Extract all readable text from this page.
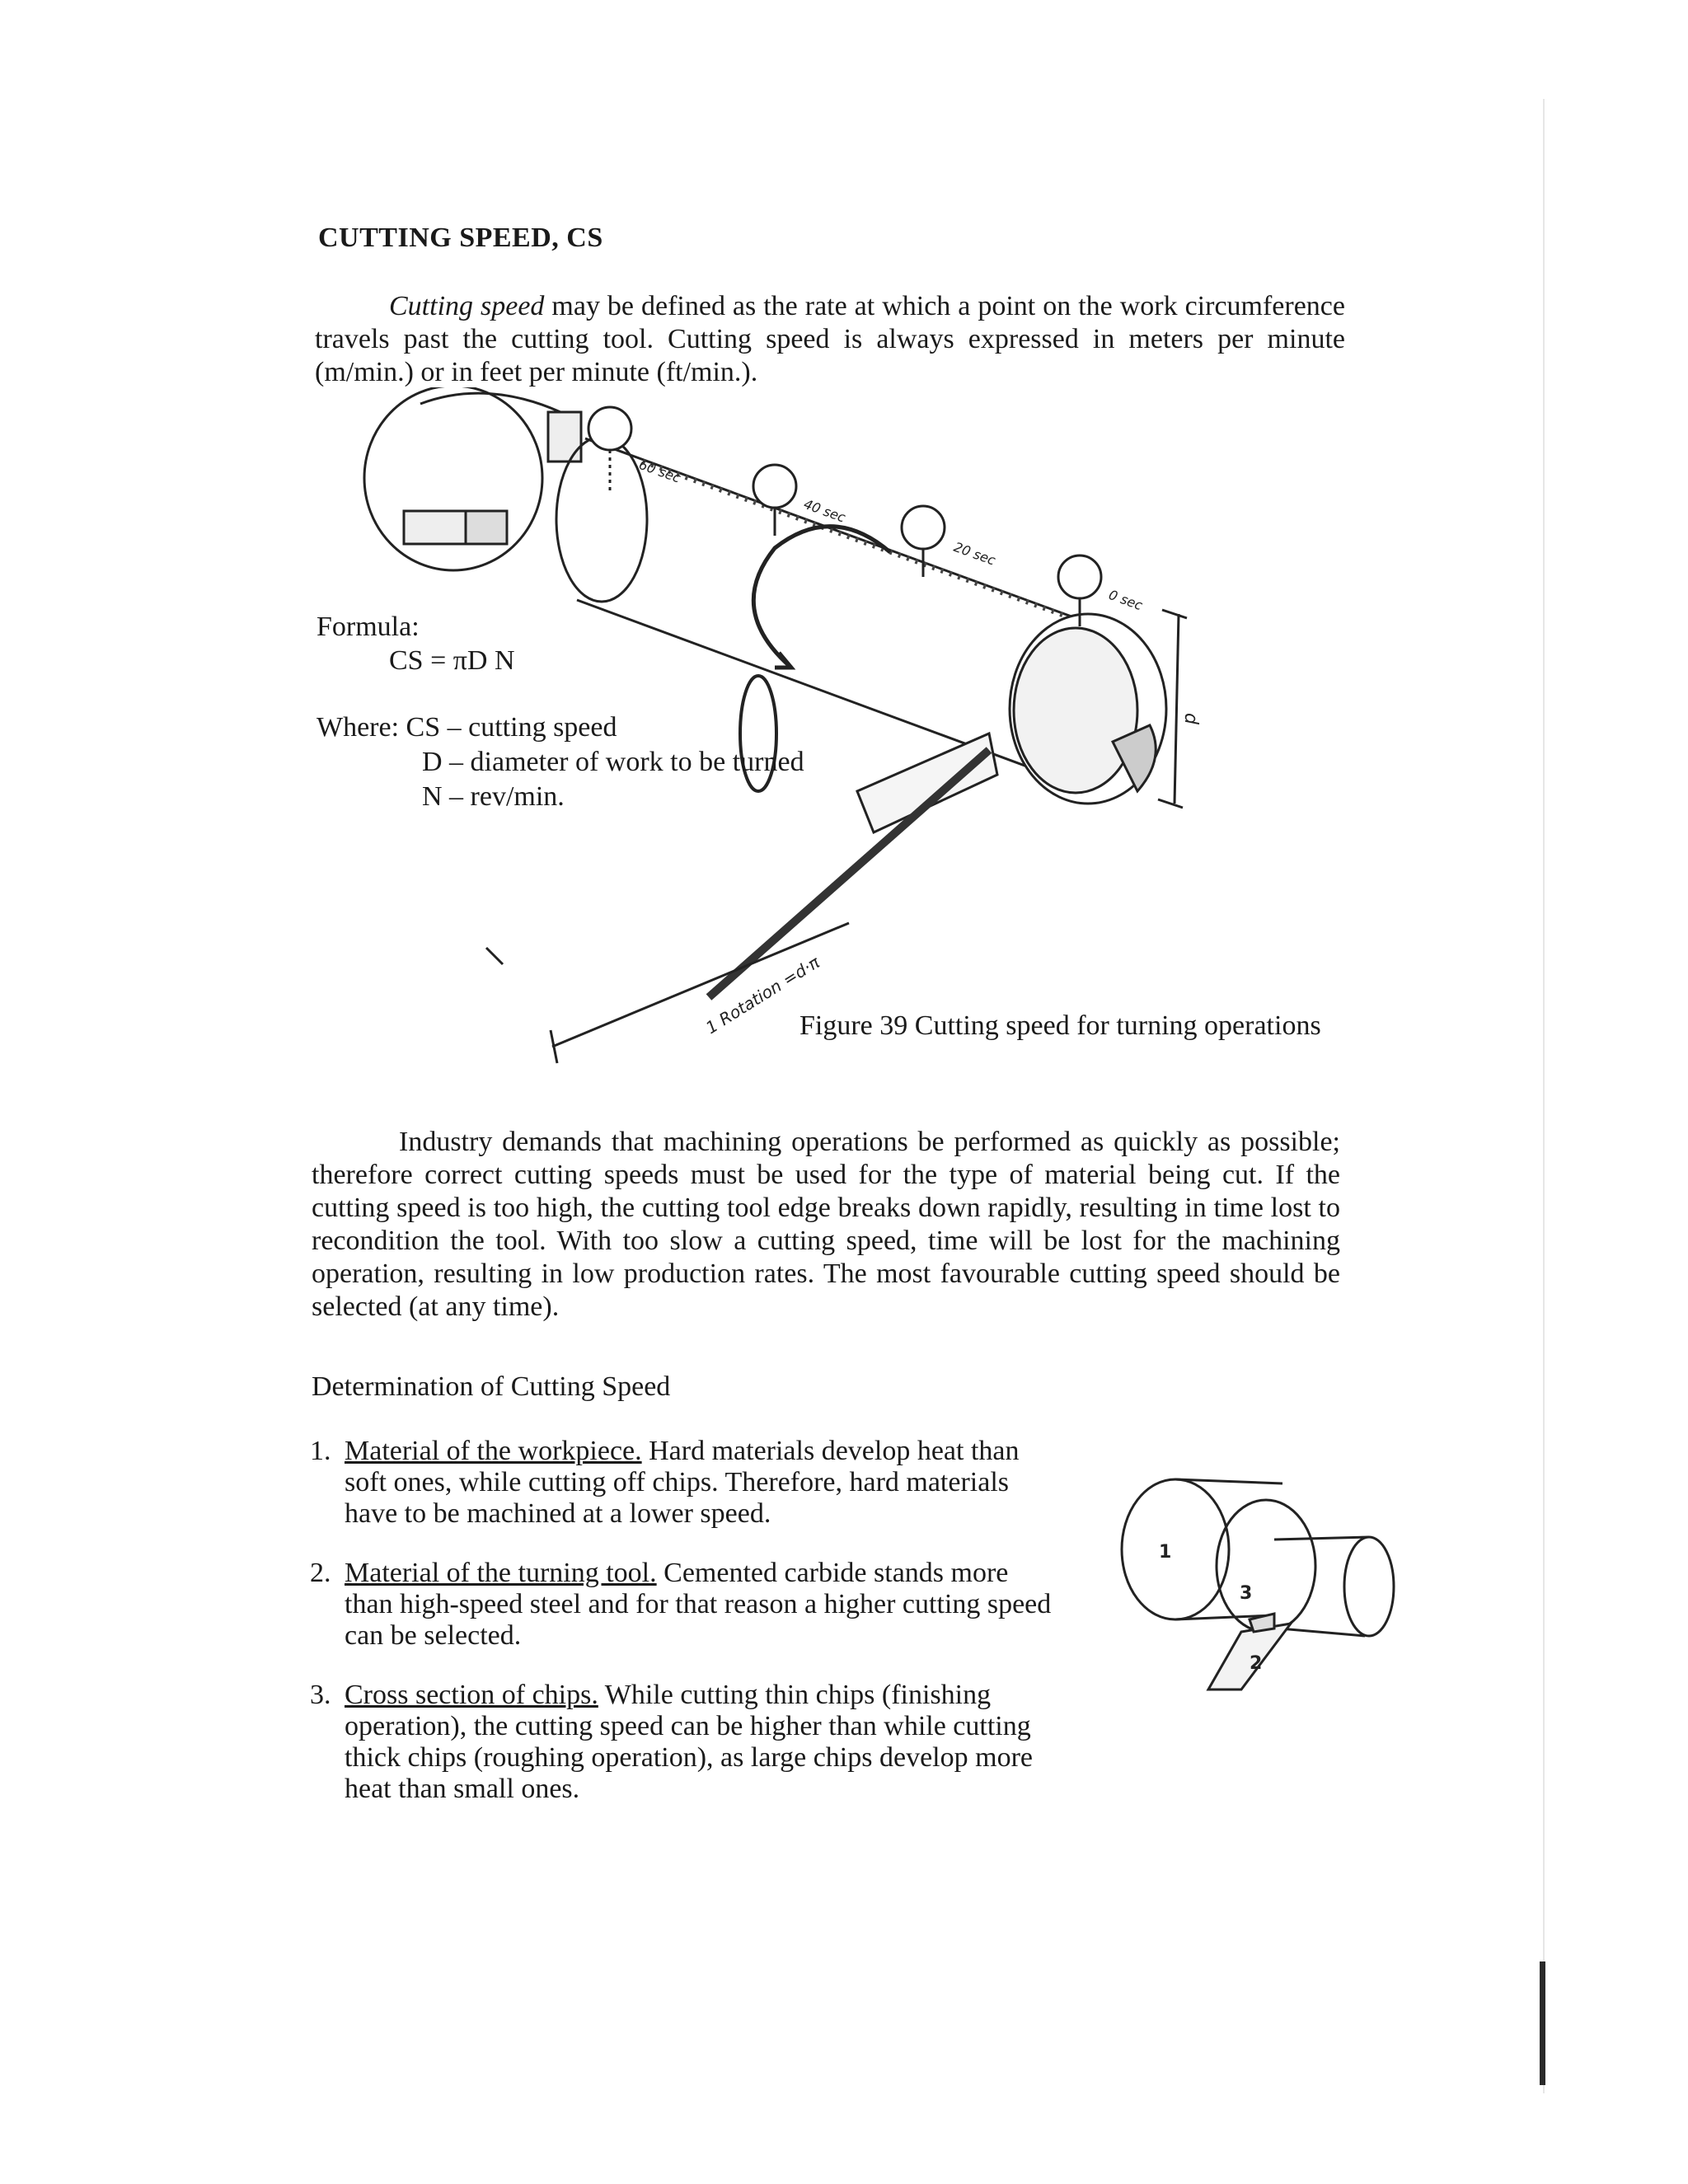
CUTTING SPEED, CS
Cutting speed may be defined as the rate at which a point on the work circumference travels past the cutting tool. Cutting speed is always expressed in meters per minute (m/min.) or in feet per minute (ft/min.).
60 sec
40 sec
20 sec
0 sec
d
1 Rotation =d·π
Formula:
CS = πD N
Where: CS – cutting speed
D – diameter of work to be turned
N – rev/min.
Figure 39 Cutting speed for turning operations
Industry demands that machining operations be performed as quickly as possible; therefore correct cutting speeds must be used for the type of material being cut. If the cutting speed is too high, the cutting tool edge breaks down rapidly, resulting in time lost to recondition the tool. With too slow a cutting speed, time will be lost for the machining operation, resulting in low production rates. The most favourable cutting speed should be selected (at any time).
Determination of Cutting Speed
1. Material of the workpiece. Hard materials develop heat than soft ones, while cutting off chips. Therefore, hard materials have to be machined at a lower speed.
2. Material of the turning tool. Cemented carbide stands more than high-speed steel and for that reason a higher cutting speed can be selected.
3. Cross section of chips. While cutting thin chips (finishing operation), the cutting speed can be higher than while cutting thick chips (roughing operation), as large chips develop more heat than small ones.
1
2
3
